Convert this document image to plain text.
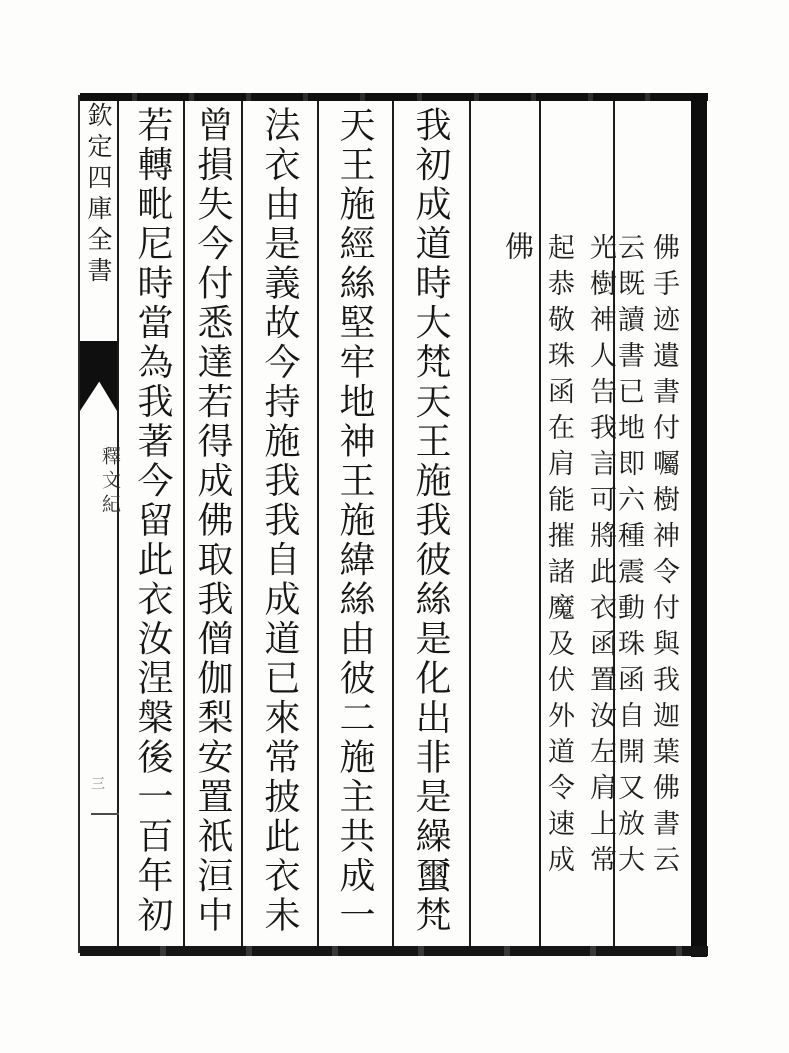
佛手迹遺書付囑樹神令付與我迦葉佛書云
云既讀書已地即六種震動珠函自開又放大
光樹神人告我言可將此衣函置汝左肩上常
起恭敬珠函在肩能摧諸魔及伏外道令速成
佛
我初成道時大梵天王施我彼絲是化出非是繰蠒梵
天王施經絲堅牢地神王施緯絲由彼二施主共成一
法衣由是義故今持施我我自成道已來常披此衣未
曾損失今付悉達若得成佛取我僧伽梨安置祇洹中
若轉毗尼時當為我著今留此衣汝涅槃後一百年初
欽定四庫全書
釋文紀
三
